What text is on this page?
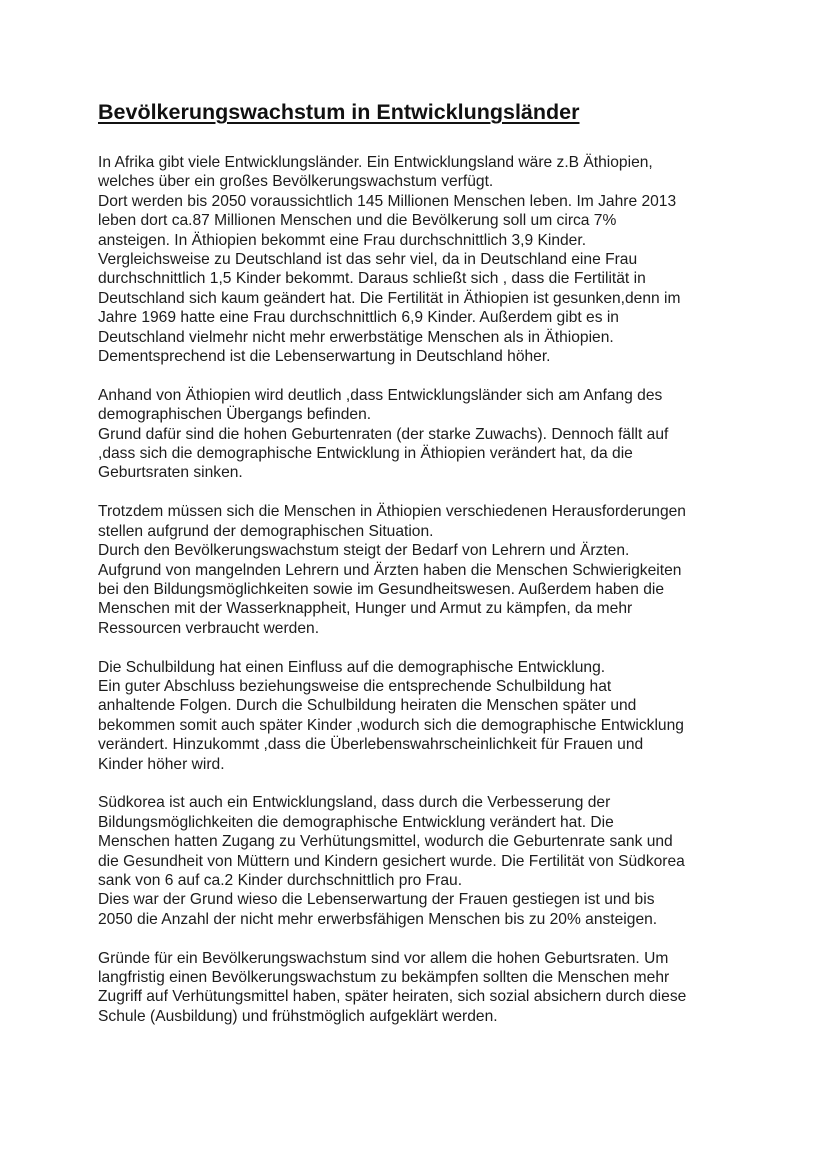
Bevölkerungswachstum in Entwicklungsländer

In Afrika gibt viele Entwicklungsländer. Ein Entwicklungsland wäre z.B Äthiopien,
welches über ein großes Bevölkerungswachstum verfügt.
Dort werden bis 2050 voraussichtlich 145 Millionen Menschen leben. Im Jahre 2013
leben dort ca.87 Millionen Menschen und die Bevölkerung soll um circa 7%
ansteigen. In Äthiopien bekommt eine Frau durchschnittlich 3,9 Kinder.
Vergleichsweise zu Deutschland ist das sehr viel, da in Deutschland eine Frau
durchschnittlich 1,5 Kinder bekommt. Daraus schließt sich , dass die Fertilität in
Deutschland sich kaum geändert hat. Die Fertilität in Äthiopien ist gesunken,denn im
Jahre 1969 hatte eine Frau durchschnittlich 6,9 Kinder. Außerdem gibt es in
Deutschland vielmehr nicht mehr erwerbstätige Menschen als in Äthiopien.
Dementsprechend ist die Lebenserwartung in Deutschland höher.

Anhand von Äthiopien wird deutlich ,dass Entwicklungsländer sich am Anfang des
demographischen Übergangs befinden.
Grund dafür sind die hohen Geburtenraten (der starke Zuwachs). Dennoch fällt auf
,dass sich die demographische Entwicklung in Äthiopien verändert hat, da die
Geburtsraten sinken.

Trotzdem müssen sich die Menschen in Äthiopien verschiedenen Herausforderungen
stellen aufgrund der demographischen Situation.
Durch den Bevölkerungswachstum steigt der Bedarf von Lehrern und Ärzten.
Aufgrund von mangelnden Lehrern und Ärzten haben die Menschen Schwierigkeiten
bei den Bildungsmöglichkeiten sowie im Gesundheitswesen. Außerdem haben die
Menschen mit der Wasserknappheit, Hunger und Armut zu kämpfen, da mehr
Ressourcen verbraucht werden.

Die Schulbildung hat einen Einfluss auf die demographische Entwicklung.
Ein guter Abschluss beziehungsweise die entsprechende Schulbildung hat
anhaltende Folgen. Durch die Schulbildung heiraten die Menschen später und
bekommen somit auch später Kinder ,wodurch sich die demographische Entwicklung
verändert. Hinzukommt ,dass die Überlebenswahrscheinlichkeit für Frauen und
Kinder höher wird.

Südkorea ist auch ein Entwicklungsland, dass durch die Verbesserung der
Bildungsmöglichkeiten die demographische Entwicklung verändert hat. Die
Menschen hatten Zugang zu Verhütungsmittel, wodurch die Geburtenrate sank und
die Gesundheit von Müttern und Kindern gesichert wurde. Die Fertilität von Südkorea
sank von 6 auf ca.2 Kinder durchschnittlich pro Frau.
Dies war der Grund wieso die Lebenserwartung der Frauen gestiegen ist und bis
2050 die Anzahl der nicht mehr erwerbsfähigen Menschen bis zu 20% ansteigen.

Gründe für ein Bevölkerungswachstum sind vor allem die hohen Geburtsraten. Um
langfristig einen Bevölkerungswachstum zu bekämpfen sollten die Menschen mehr
Zugriff auf Verhütungsmittel haben, später heiraten, sich sozial absichern durch diese
Schule (Ausbildung) und frühstmöglich aufgeklärt werden.
